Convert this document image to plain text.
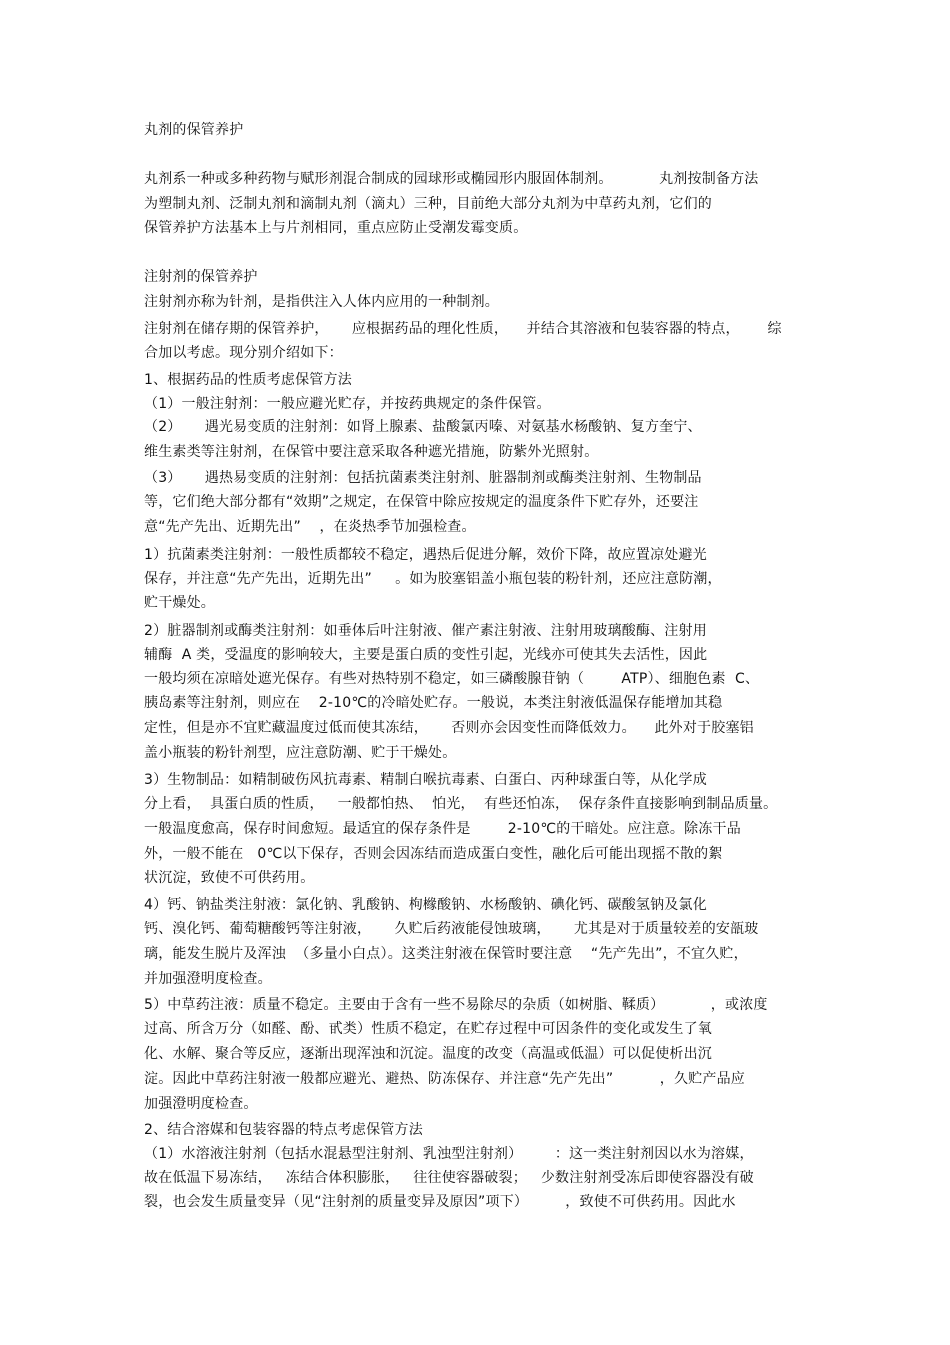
丸剂的保管养护
丸剂系一种或多种药物与赋形剂混合制成的园球形或椭园形内服固体制剂。          丸剂按制备方法
为塑制丸剂、泛制丸剂和滴制丸剂（滴丸）三种，目前绝大部分丸剂为中草药丸剂，它们的
保管养护方法基本上与片剂相同，重点应防止受潮发霉变质。
注射剂的保管养护
注射剂亦称为针剂，是指供注入人体内应用的一种制剂。
注射剂在储存期的保管养护，     应根据药品的理化性质，    并结合其溶液和包装容器的特点，      综
合加以考虑。现分别介绍如下：
1、根据药品的性质考虑保管方法
（1）一般注射剂：一般应避光贮存，并按药典规定的条件保管。
（2）     遇光易变质的注射剂：如肾上腺素、盐酸氯丙嗪、对氨基水杨酸钠、复方奎宁、
维生素类等注射剂，在保管中要注意采取各种遮光措施，防紫外光照射。
（3）     遇热易变质的注射剂：包括抗菌素类注射剂、脏器制剂或酶类注射剂、生物制品
等，它们绝大部分都有“效期”之规定，在保管中除应按规定的温度条件下贮存外，还要注
意“先产先出、近期先出”    ，在炎热季节加强检查。
1）抗菌素类注射剂：一般性质都较不稳定，遇热后促进分解，效价下降，故应置凉处避光
保存，并注意“先产先出，近期先出”     。如为胶塞铝盖小瓶包装的粉针剂，还应注意防潮，
贮干燥处。
2）脏器制剂或酶类注射剂：如垂体后叶注射液、催产素注射液、注射用玻璃酸酶、注射用
辅酶  A 类，受温度的影响较大，主要是蛋白质的变性引起，光线亦可使其失去活性，因此
一般均须在凉暗处遮光保存。有些对热特别不稳定，如三磷酸腺苷钠（        ATP）、细胞色素  C、
胰岛素等注射剂，则应在    2-10℃的冷暗处贮存。一般说，本类注射液低温保存能增加其稳
定性，但是亦不宜贮藏温度过低而使其冻结，     否则亦会因变性而降低效力。    此外对于胶塞铝
盖小瓶装的粉针剂型，应注意防潮、贮于干燥处。
3）生物制品：如精制破伤风抗毒素、精制白喉抗毒素、白蛋白、丙种球蛋白等，从化学成
分上看，  具蛋白质的性质，   一般都怕热、  怕光，  有些还怕冻，  保存条件直接影响到制品质量。
一般温度愈高，保存时间愈短。最适宜的保存条件是        2-10℃的干暗处。应注意。除冻干品
外，一般不能在   0℃以下保存，否则会因冻结而造成蛋白变性，融化后可能出现摇不散的絮
状沉淀，致使不可供药用。
4）钙、钠盐类注射液：氯化钠、乳酸钠、枸橼酸钠、水杨酸钠、碘化钙、碳酸氢钠及氯化
钙、溴化钙、葡萄糖酸钙等注射液，     久贮后药液能侵蚀玻璃，     尤其是对于质量较差的安瓿玻
璃，能发生脱片及浑浊  （多量小白点）。这类注射液在保管时要注意    “先产先出”，不宜久贮，
并加强澄明度检查。
5）中草药注液：质量不稳定。主要由于含有一些不易除尽的杂质（如树脂、鞣质）          ，或浓度
过高、所含万分（如醛、酚、甙类）性质不稳定，在贮存过程中可因条件的变化或发生了氧
化、水解、聚合等反应，逐渐出现浑浊和沉淀。温度的改变（高温或低温）可以促使析出沉
淀。因此中草药注射液一般都应避光、避热、防冻保存、并注意“先产先出”          ，久贮产品应
加强澄明度检查。
2、结合溶媒和包装容器的特点考虑保管方法
（1）水溶液注射剂（包括水混悬型注射剂、乳浊型注射剂）       ：这一类注射剂因以水为溶媒，
故在低温下易冻结，   冻结合体积膨胀，   往往使容器破裂；   少数注射剂受冻后即使容器没有破
裂，也会发生质量变异（见“注射剂的质量变异及原因”项下）        ，致使不可供药用。因此水
